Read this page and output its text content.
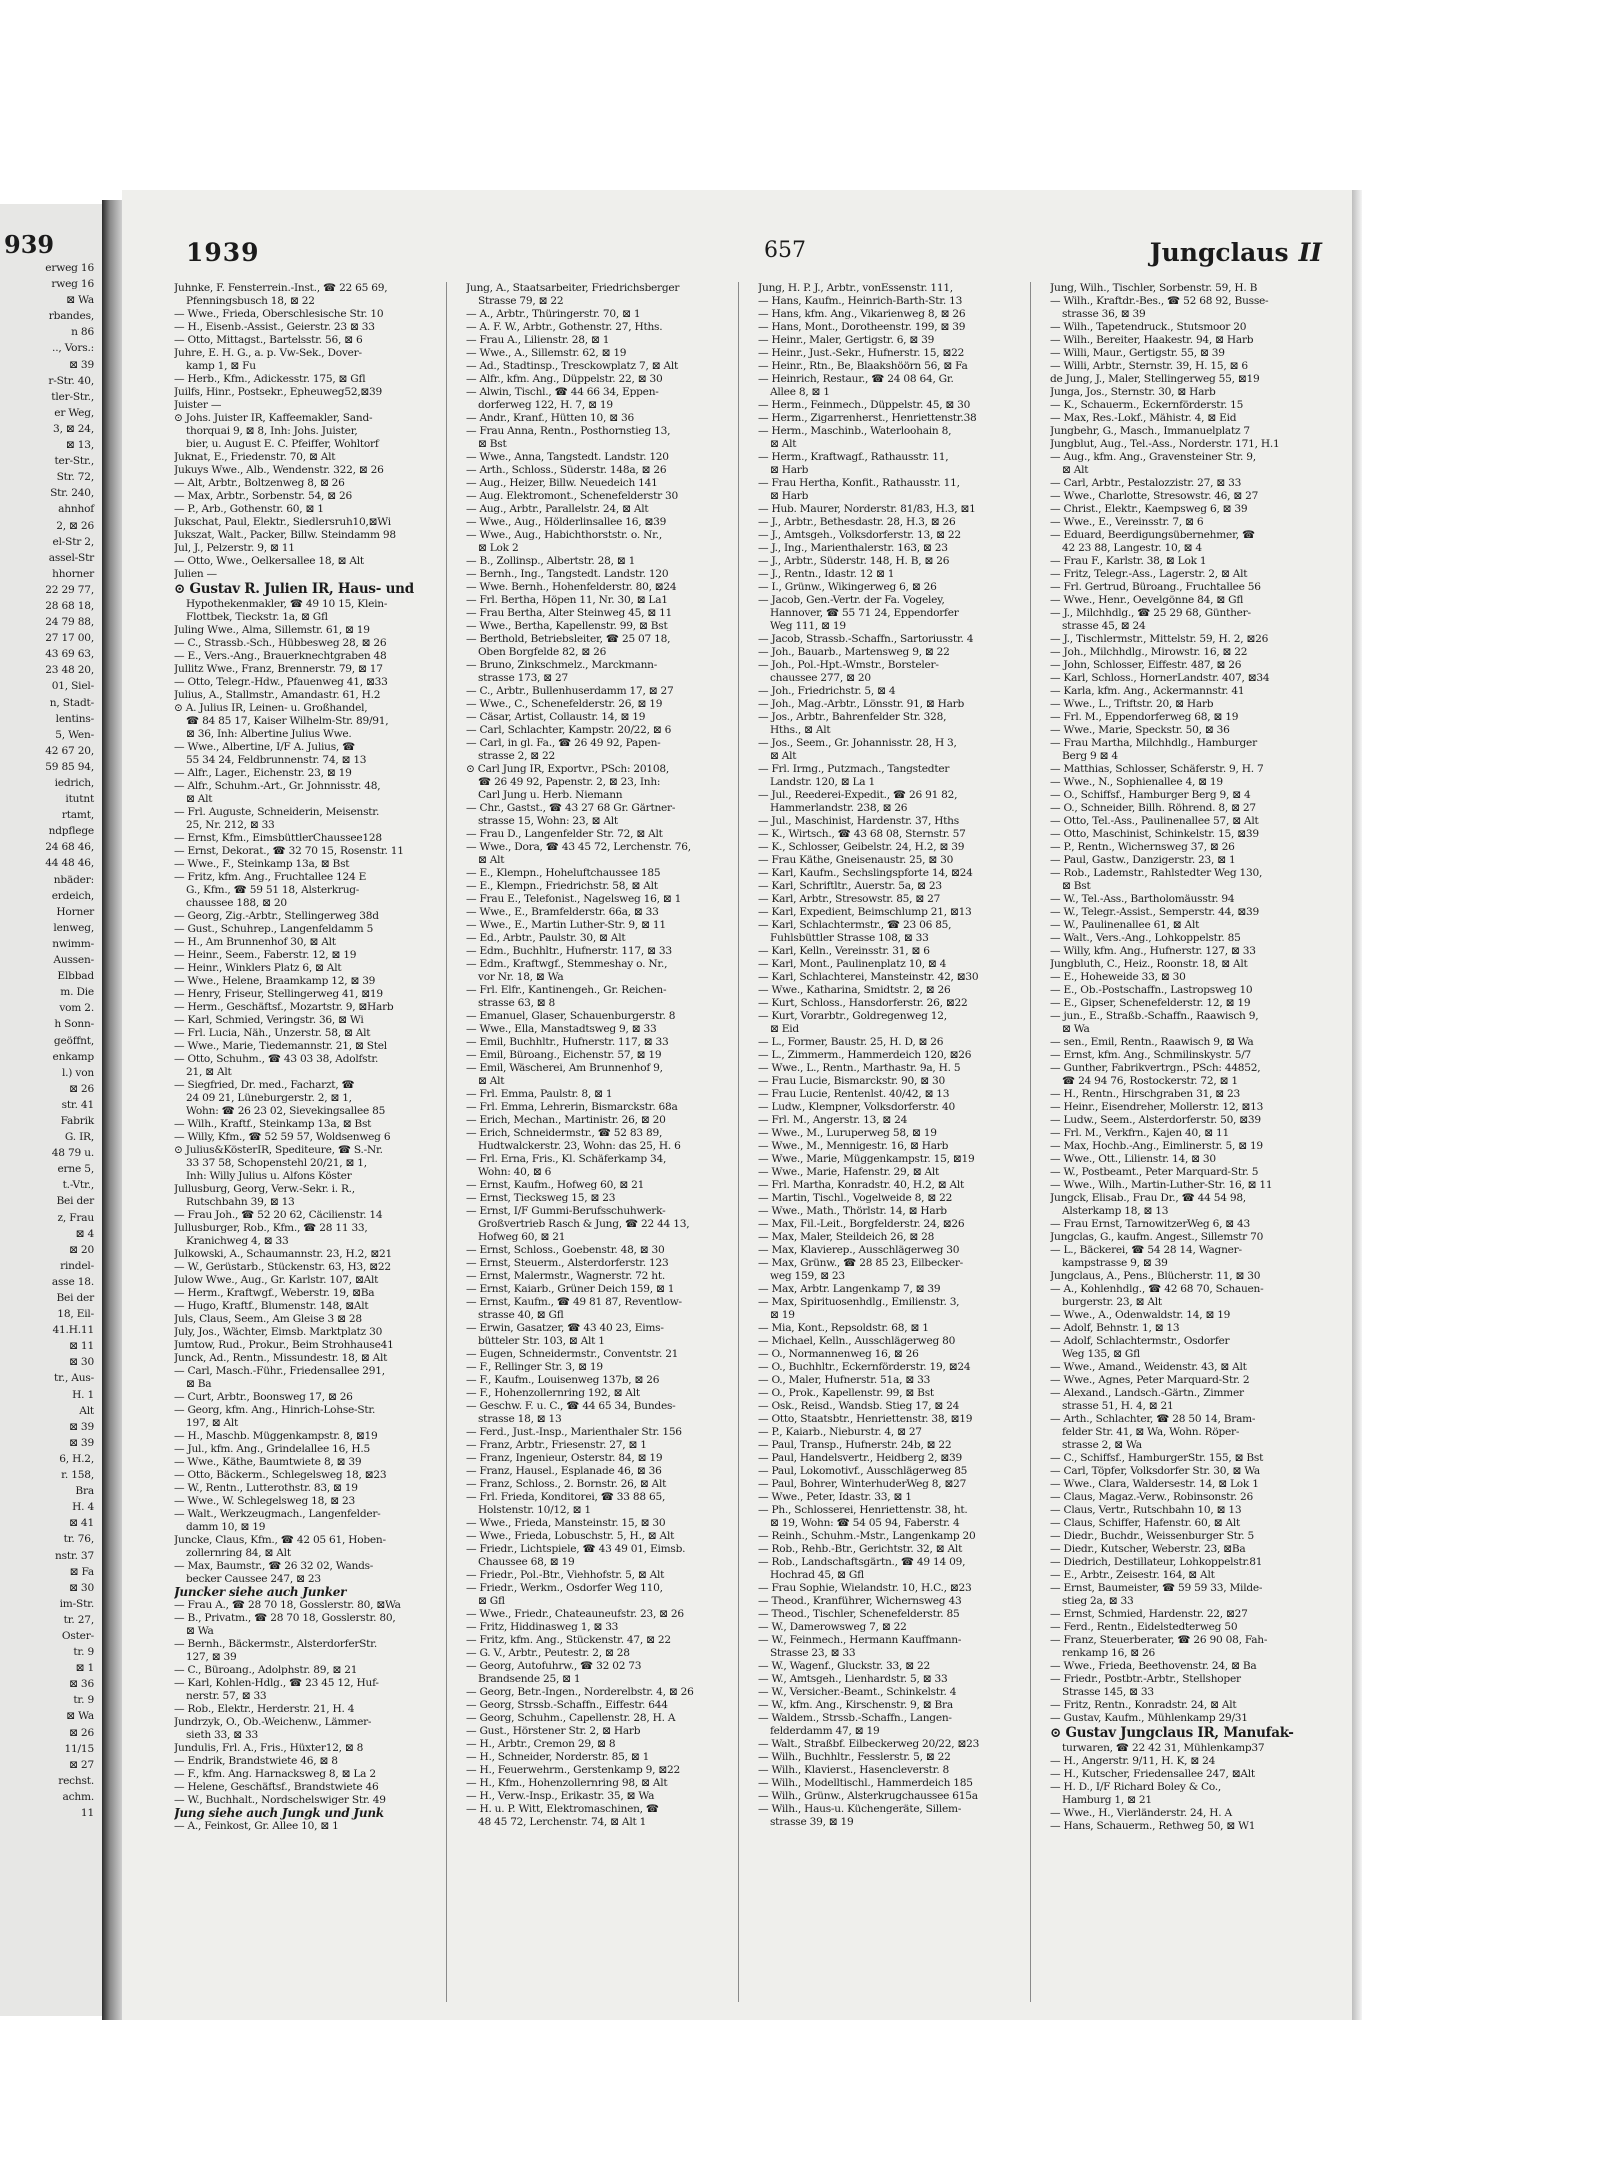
939
erweg 16
rweg 16
⊠ Wa
rbandes,
n 86
.., Vors.:
⊠ 39
r-Str. 40,
tler-Str.,
er Weg,
3, ⊠ 24,
⊠ 13,
ter-Str.,
Str. 72,
Str. 240,
ahnhof
2, ⊠ 26
el-Str 2,
assel-Str
hhorner
22 29 77,
28 68 18,
24 79 88,
27 17 00,
43 69 63,
23 48 20,
01, Siel-
n, Stadt-
lentins-
5, Wen-
42 67 20,
59 85 94,
iedrich,
itutnt
rtamt,
ndpflege
24 68 46,
44 48 46,
nbäder:
erdeich,
Horner
lenweg,
nwimm-
Aussen-
Elbbad
m. Die
vom 2.
h Sonn-
geöffnt,
enkamp
l.) von
⊠ 26
str. 41
Fabrik
G. IR,
48 79 u.
erne 5,
t.-Vtr.,
Bei der
z, Frau
⊠ 4
⊠ 20
rindel-
asse 18.
Bei der
18, Eil-
41.H.11
⊠ 11
⊠ 30
tr., Aus-
H. 1
Alt
⊠ 39
⊠ 39
6, H.2,
r. 158,
Bra
H. 4
⊠ 41
tr. 76,
nstr. 37
⊠ Fa
⊠ 30
im-Str.
tr. 27,
Oster-
tr. 9
⊠ 1
⊠ 36
tr. 9
⊠ Wa
⊠ 26
11/15
⊠ 27
rechst.
achm.
11
1939	657	Jungclaus II
Juhnke, F. Fensterrein.-Inst., ☎ 22 65 69,
Pfenningsbusch 18, ⊠ 22
— Wwe., Frieda, Oberschlesische Str. 10
— H., Eisenb.-Assist., Geierstr. 23 ⊠ 33
— Otto, Mittagst., Bartelsstr. 56, ⊠ 6
Juhre, E. H. G., a. p. Vw-Sek., Dover-
kamp 1, ⊠ Fu
— Herb., Kfm., Adickesstr. 175, ⊠ Gfl
Juilfs, Hinr., Postsekr., Epheuweg52,⊠39
Juister —
⊙ Johs. Juister IR, Kaffeemakler, Sand-
thorquai 9, ⊠ 8, Inh: Johs. Juister,
bier, u. August E. C. Pfeiffer, Wohltorf
Juknat, E., Friedenstr. 70, ⊠ Alt
Jukuys Wwe., Alb., Wendenstr. 322, ⊠ 26
— Alt, Arbtr., Boltzenweg 8, ⊠ 26
— Max, Arbtr., Sorbenstr. 54, ⊠ 26
— P., Arb., Gothenstr. 60, ⊠ 1
Jukschat, Paul, Elektr., Siedlersruh10,⊠Wi
Jukszat, Walt., Packer, Billw. Steindamm 98
Jul, J., Pelzerstr. 9, ⊠ 11
— Otto, Wwe., Oelkersallee 18, ⊠ Alt
Julien —
⊙ Gustav R. Julien IR, Haus- und
Hypothekenmakler, ☎ 49 10 15, Klein-
Flottbek, Tieckstr. 1a, ⊠ Gfl
Juling Wwe., Alma, Sillemstr. 61, ⊠ 19
— C., Strassb.-Sch., Hübbesweg 28, ⊠ 26
— E., Vers.-Ang., Brauerknechtgraben 48
Jullitz Wwe., Franz, Brennerstr. 79, ⊠ 17
— Otto, Telegr.-Hdw., Pfauenweg 41, ⊠33
Julius, A., Stallmstr., Amandastr. 61, H.2
⊙ A. Julius IR, Leinen- u. Großhandel,
☎ 84 85 17, Kaiser Wilhelm-Str. 89/91,
⊠ 36, Inh: Albertine Julius Wwe.
— Wwe., Albertine, I/F A. Julius, ☎
55 34 24, Feldbrunnenstr. 74, ⊠ 13
— Alfr., Lager., Eichenstr. 23, ⊠ 19
— Alfr., Schuhm.-Art., Gr. Johnnisstr. 48,
⊠ Alt
— Frl. Auguste, Schneiderin, Meisenstr.
25, Nr. 212, ⊠ 33
— Ernst, Kfm., EimsbüttlerChaussee128
— Ernst, Dekorat., ☎ 32 70 15, Rosenstr. 11
— Wwe., F., Steinkamp 13a, ⊠ Bst
— Fritz, kfm. Ang., Fruchtallee 124 E
G., Kfm., ☎ 59 51 18, Alsterkrug-
chaussee 188, ⊠ 20
— Georg, Zig.-Arbtr., Stellingerweg 38d
— Gust., Schuhrep., Langenfeldamm 5
— H., Am Brunnenhof 30, ⊠ Alt
— Heinr., Seem., Faberstr. 12, ⊠ 19
— Heinr., Winklers Platz 6, ⊠ Alt
— Wwe., Helene, Braamkamp 12, ⊠ 39
— Henry, Friseur, Stellingerweg 41, ⊠19
— Herm., Geschäftsf., Mozartstr. 9, ⊠Harb
— Karl, Schmied, Veringstr. 36, ⊠ Wi
— Frl. Lucia, Näh., Unzerstr. 58, ⊠ Alt
— Wwe., Marie, Tiedemannstr. 21, ⊠ Stel
— Otto, Schuhm., ☎ 43 03 38, Adolfstr.
21, ⊠ Alt
— Siegfried, Dr. med., Facharzt, ☎
24 09 21, Lüneburgerstr. 2, ⊠ 1,
Wohn: ☎ 26 23 02, Sievekingsallee 85
— Wilh., Kraftf., Steinkamp 13a, ⊠ Bst
— Willy, Kfm., ☎ 52 59 57, Woldsenweg 6
⊙ Julius&KösterIR, Spediteure, ☎ S.-Nr.
33 37 58, Schopenstehl 20/21, ⊠ 1,
Inh: Willy Julius u. Alfons Köster
Jullusburg, Georg, Verw.-Sekr. i. R.,
Rutschbahn 39, ⊠ 13
— Frau Joh., ☎ 52 20 62, Cäcilienstr. 14
Jullusburger, Rob., Kfm., ☎ 28 11 33,
Kranichweg 4, ⊠ 33
Julkowski, A., Schaumannstr. 23, H.2, ⊠21
— W., Gerüstarb., Stückenstr. 63, H3, ⊠22
Julow Wwe., Aug., Gr. Karlstr. 107, ⊠Alt
— Herm., Kraftwgf., Weberstr. 19, ⊠Ba
— Hugo, Kraftf., Blumenstr. 148, ⊠Alt
Juls, Claus, Seem., Am Gleise 3 ⊠ 28
July, Jos., Wächter, Eimsb. Marktplatz 30
Jumtow, Rud., Prokur., Beim Strohhause41
Junck, Ad., Rentn., Missundestr. 18, ⊠ Alt
— Carl, Masch.-Führ., Friedensallee 291,
⊠ Ba
— Curt, Arbtr., Boonsweg 17, ⊠ 26
— Georg, kfm. Ang., Hinrich-Lohse-Str.
197, ⊠ Alt
— H., Maschb. Müggenkampstr. 8, ⊠19
— Jul., kfm. Ang., Grindelallee 16, H.5
— Wwe., Käthe, Baumtwiete 8, ⊠ 39
— Otto, Bäckerm., Schlegelsweg 18, ⊠23
— W., Rentn., Lutterothstr. 83, ⊠ 19
— Wwe., W. Schlegelsweg 18, ⊠ 23
— Walt., Werkzeugmach., Langenfelder-
damm 10, ⊠ 19
Juncke, Claus, Kfm., ☎ 42 05 61, Hoben-
zollernring 84, ⊠ Alt
— Max, Baumstr., ☎ 26 32 02, Wands-
becker Caussee 247, ⊠ 23
Juncker siehe auch Junker
— Frau A., ☎ 28 70 18, Gosslerstr. 80, ⊠Wa
— B., Privatm., ☎ 28 70 18, Gosslerstr. 80,
⊠ Wa
— Bernh., Bäckermstr., AlsterdorferStr.
127, ⊠ 39
— C., Büroang., Adolphstr. 89, ⊠ 21
— Karl, Kohlen-Hdlg., ☎ 23 45 12, Huf-
nerstr. 57, ⊠ 33
— Rob., Elektr., Herderstr. 21, H. 4
Jundrzyk, O., Ob.-Weichenw., Lämmer-
sieth 33, ⊠ 33
Jundulis, Frl. A., Fris., Hüxter12, ⊠ 8
— Endrik, Brandstwiete 46, ⊠ 8
— F., kfm. Ang. Harnacksweg 8, ⊠ La 2
— Helene, Geschäftsf., Brandstwiete 46
— W., Buchhalt., Nordschelswiger Str. 49
Jung siehe auch Jungk und Junk
— A., Feinkost, Gr. Allee 10, ⊠ 1
Jung, A., Staatsarbeiter, Friedrichsberger
Strasse 79, ⊠ 22
— A., Arbtr., Thüringerstr. 70, ⊠ 1
— A. F. W., Arbtr., Gothenstr. 27, Hths.
— Frau A., Lilienstr. 28, ⊠ 1
— Wwe., A., Sillemstr. 62, ⊠ 19
— Ad., Stadtinsp., Tresckowplatz 7, ⊠ Alt
— Alfr., kfm. Ang., Düppelstr. 22, ⊠ 30
— Alwin, Tischl., ☎ 44 66 34, Eppen-
dorferweg 122, H. 7, ⊠ 19
— Andr., Kranf., Hütten 10, ⊠ 36
— Frau Anna, Rentn., Posthornstieg 13,
⊠ Bst
— Wwe., Anna, Tangstedt. Landstr. 120
— Arth., Schloss., Süderstr. 148a, ⊠ 26
— Aug., Heizer, Billw. Neuedeich 141
— Aug. Elektromont., Schenefelderstr 30
— Aug., Arbtr., Parallelstr. 24, ⊠ Alt
— Wwe., Aug., Hölderlinsallee 16, ⊠39
— Wwe., Aug., Habichthorststr. o. Nr.,
⊠ Lok 2
— B., Zollinsp., Albertstr. 28, ⊠ 1
— Bernh., Ing., Tangstedt. Landstr. 120
— Wwe. Bernh., Hohenfelderstr. 80, ⊠24
— Frl. Bertha, Höpen 11, Nr. 30, ⊠ La1
— Frau Bertha, Alter Steinweg 45, ⊠ 11
— Wwe., Bertha, Kapellenstr. 99, ⊠ Bst
— Berthold, Betriebsleiter, ☎ 25 07 18,
Oben Borgfelde 82, ⊠ 26
— Bruno, Zinkschmelz., Marckmann-
strasse 173, ⊠ 27
— C., Arbtr., Bullenhuserdamm 17, ⊠ 27
— Wwe., C., Schenefelderstr. 26, ⊠ 19
— Cäsar, Artist, Collaustr. 14, ⊠ 19
— Carl, Schlachter, Kampstr. 20/22, ⊠ 6
— Carl, in gl. Fa., ☎ 26 49 92, Papen-
strasse 2, ⊠ 22
⊙ Carl Jung IR, Exportvr., PSch: 20108,
☎ 26 49 92, Papenstr. 2, ⊠ 23, Inh:
Carl Jung u. Herb. Niemann
— Chr., Gastst., ☎ 43 27 68 Gr. Gärtner-
strasse 15, Wohn: 23, ⊠ Alt
— Frau D., Langenfelder Str. 72, ⊠ Alt
— Wwe., Dora, ☎ 43 45 72, Lerchenstr. 76,
⊠ Alt
— E., Klempn., Hoheluftchaussee 185
— E., Klempn., Friedrichstr. 58, ⊠ Alt
— Frau E., Telefonist., Nagelsweg 16, ⊠ 1
— Wwe., E., Bramfelderstr. 66a, ⊠ 33
— Wwe., E., Martin Luther-Str. 9, ⊠ 11
— Ed., Arbtr., Paulstr. 30, ⊠ Alt
— Edm., Buchhltr., Hufnerstr. 117, ⊠ 33
— Edm., Kraftwgf., Stemmeshay o. Nr.,
vor Nr. 18, ⊠ Wa
— Frl. Elfr., Kantinengeh., Gr. Reichen-
strasse 63, ⊠ 8
— Emanuel, Glaser, Schauenburgerstr. 8
— Wwe., Ella, Manstadtsweg 9, ⊠ 33
— Emil, Buchhltr., Hufnerstr. 117, ⊠ 33
— Emil, Büroang., Eichenstr. 57, ⊠ 19
— Emil, Wäscherei, Am Brunnenhof 9,
⊠ Alt
— Frl. Emma, Paulstr. 8, ⊠ 1
— Frl. Emma, Lehrerin, Bismarckstr. 68a
— Erich, Mechan., Martinistr. 26, ⊠ 20
— Erich, Schneidermstr., ☎ 52 83 89,
Hudtwalckerstr. 23, Wohn: das 25, H. 6
— Frl. Erna, Fris., Kl. Schäferkamp 34,
Wohn: 40, ⊠ 6
— Ernst, Kaufm., Hofweg 60, ⊠ 21
— Ernst, Tiecksweg 15, ⊠ 23
— Ernst, I/F Gummi-Berufsschuhwerk-
Großvertrieb Rasch & Jung, ☎ 22 44 13,
Hofweg 60, ⊠ 21
— Ernst, Schloss., Goebenstr. 48, ⊠ 30
— Ernst, Steuerm., Alsterdorferstr. 123
— Ernst, Malermstr., Wagnerstr. 72 ht.
— Ernst, Kaiarb., Grüner Deich 159, ⊠ 1
— Ernst, Kaufm., ☎ 49 81 87, Reventlow-
strasse 40, ⊠ Gfl
— Erwin, Gasatzer, ☎ 43 40 23, Eims-
bütteler Str. 103, ⊠ Alt 1
— Eugen, Schneidermstr., Conventstr. 21
— F., Rellinger Str. 3, ⊠ 19
— F., Kaufm., Louisenweg 137b, ⊠ 26
— F., Hohenzollernring 192, ⊠ Alt
— Geschw. F. u. C., ☎ 44 65 34, Bundes-
strasse 18, ⊠ 13
— Ferd., Just.-Insp., Marienthaler Str. 156
— Franz, Arbtr., Friesenstr. 27, ⊠ 1
— Franz, Ingenieur, Osterstr. 84, ⊠ 19
— Franz, Hausel., Esplanade 46, ⊠ 36
— Franz, Schloss., 2. Bornstr. 26, ⊠ Alt
— Frl. Frieda, Konditorei, ☎ 33 88 65,
Holstenstr. 10/12, ⊠ 1
— Wwe., Frieda, Mansteinstr. 15, ⊠ 30
— Wwe., Frieda, Lobuschstr. 5, H., ⊠ Alt
— Friedr., Lichtspiele, ☎ 43 49 01, Eimsb.
Chaussee 68, ⊠ 19
— Friedr., Pol.-Btr., Viehhofstr. 5, ⊠ Alt
— Friedr., Werkm., Osdorfer Weg 110,
⊠ Gfl
— Wwe., Friedr., Chateauneufstr. 23, ⊠ 26
— Fritz, Hiddinasweg 1, ⊠ 33
— Fritz, kfm. Ang., Stückenstr. 47, ⊠ 22
— G. V., Arbtr., Peutestr. 2, ⊠ 28
— Georg, Autofuhrw., ☎ 32 02 73
Brandsende 25, ⊠ 1
— Georg, Betr.-Ingen., Norderelbstr. 4, ⊠ 26
— Georg, Strssb.-Schaffn., Eiffestr. 644
— Georg, Schuhm., Capellenstr. 28, H. A
— Gust., Hörstener Str. 2, ⊠ Harb
— H., Arbtr., Cremon 29, ⊠ 8
— H., Schneider, Norderstr. 85, ⊠ 1
— H., Feuerwehrm., Gerstenkamp 9, ⊠22
— H., Kfm., Hohenzollernring 98, ⊠ Alt
— H., Verw.-Insp., Erikastr. 35, ⊠ Wa
— H. u. P. Witt, Elektromaschinen, ☎
48 45 72, Lerchenstr. 74, ⊠ Alt 1
Jung, H. P. J., Arbtr., vonEssenstr. 111,
— Hans, Kaufm., Heinrich-Barth-Str. 13
— Hans, kfm. Ang., Vikarienweg 8, ⊠ 26
— Hans, Mont., Dorotheenstr. 199, ⊠ 39
— Heinr., Maler, Gertigstr. 6, ⊠ 39
— Heinr., Just.-Sekr., Hufnerstr. 15, ⊠22
— Heinr., Rtn., Be, Blaakshöörn 56, ⊠ Fa
— Heinrich, Restaur., ☎ 24 08 64, Gr.
Allee 8, ⊠ 1
— Herm., Feinmech., Düppelstr. 45, ⊠ 30
— Herm., Zigarrenherst., Henriettenstr.38
— Herm., Maschinb., Waterloohain 8,
⊠ Alt
— Herm., Kraftwagf., Rathausstr. 11,
⊠ Harb
— Frau Hertha, Konfit., Rathausstr. 11,
⊠ Harb
— Hub. Maurer, Norderstr. 81/83, H.3, ⊠1
— J., Arbtr., Bethesdastr. 28, H.3, ⊠ 26
— J., Amtsgeh., Volksdorferstr. 13, ⊠ 22
— J., Ing., Marienthalerstr. 163, ⊠ 23
— J., Arbtr., Süderstr. 148, H. B, ⊠ 26
— J., Rentn., Idastr. 12 ⊠ 1
— I., Grünw., Wikingerweg 6, ⊠ 26
— Jacob, Gen.-Vertr. der Fa. Vogeley,
Hannover, ☎ 55 71 24, Eppendorfer
Weg 111, ⊠ 19
— Jacob, Strassb.-Schaffn., Sartoriusstr. 4
— Joh., Bauarb., Martensweg 9, ⊠ 22
— Joh., Pol.-Hpt.-Wmstr., Borsteler-
chaussee 277, ⊠ 20
— Joh., Friedrichstr. 5, ⊠ 4
— Joh., Mag.-Arbtr., Lönsstr. 91, ⊠ Harb
— Jos., Arbtr., Bahrenfelder Str. 328,
Hths., ⊠ Alt
— Jos., Seem., Gr. Johannisstr. 28, H 3,
⊠ Alt
— Frl. Irmg., Putzmach., Tangstedter
Landstr. 120, ⊠ La 1
— Jul., Reederei-Expedit., ☎ 26 91 82,
Hammerlandstr. 238, ⊠ 26
— Jul., Maschinist, Hardenstr. 37, Hths
— K., Wirtsch., ☎ 43 68 08, Sternstr. 57
— K., Schlosser, Geibelstr. 24, H.2, ⊠ 39
— Frau Käthe, Gneisenaustr. 25, ⊠ 30
— Karl, Kaufm., Sechslingspforte 14, ⊠24
— Karl, Schriftltr., Auerstr. 5a, ⊠ 23
— Karl, Arbtr., Stresowstr. 85, ⊠ 27
— Karl, Expedient, Beimschlump 21, ⊠13
— Karl, Schlachtermstr., ☎ 23 06 85,
Fuhlsbüttler Strasse 108, ⊠ 33
— Karl, Kelln., Vereinsstr. 31, ⊠ 6
— Karl, Mont., Paulinenplatz 10, ⊠ 4
— Karl, Schlachterei, Mansteinstr. 42, ⊠30
— Wwe., Katharina, Smidtstr. 2, ⊠ 26
— Kurt, Schloss., Hansdorferstr. 26, ⊠22
— Kurt, Vorarbtr., Goldregenweg 12,
⊠ Eid
— L., Former, Baustr. 25, H. D, ⊠ 26
— L., Zimmerm., Hammerdeich 120, ⊠26
— Wwe., L., Rentn., Marthastr. 9a, H. 5
— Frau Lucie, Bismarckstr. 90, ⊠ 30
— Frau Lucie, Rentenlst. 40/42, ⊠ 13
— Ludw., Klempner, Volksdorferstr. 40
— Frl. M., Angerstr. 13, ⊠ 24
— Wwe., M., Luruperweg 58, ⊠ 19
— Wwe., M., Mennigestr. 16, ⊠ Harb
— Wwe., Marie, Müggenkampstr. 15, ⊠19
— Wwe., Marie, Hafenstr. 29, ⊠ Alt
— Frl. Martha, Konradstr. 40, H.2, ⊠ Alt
— Martin, Tischl., Vogelweide 8, ⊠ 22
— Wwe., Math., Thörlstr. 14, ⊠ Harb
— Max, Fil.-Leit., Borgfelderstr. 24, ⊠26
— Max, Maler, Steildeich 26, ⊠ 28
— Max, Klavierep., Ausschlägerweg 30
— Max, Grünw., ☎ 28 85 23, Eilbecker-
weg 159, ⊠ 23
— Max, Arbtr. Langenkamp 7, ⊠ 39
— Max, Spirituosenhdlg., Emilienstr. 3,
⊠ 19
— Mia, Kont., Repsoldstr. 68, ⊠ 1
— Michael, Kelln., Ausschlägerweg 80
— O., Normannenweg 16, ⊠ 26
— O., Buchhltr., Eckernförderstr. 19, ⊠24
— O., Maler, Hufnerstr. 51a, ⊠ 33
— O., Prok., Kapellenstr. 99, ⊠ Bst
— Osk., Reisd., Wandsb. Stieg 17, ⊠ 24
— Otto, Staatsbtr., Henriettenstr. 38, ⊠19
— P., Kaiarb., Nieburstr. 4, ⊠ 27
— Paul, Transp., Hufnerstr. 24b, ⊠ 22
— Paul, Handelsvertr., Heidberg 2, ⊠39
— Paul, Lokomotivf., Ausschlägerweg 85
— Paul, Bohrer, WinterhuderWeg 8, ⊠27
— Wwe., Peter, Idastr. 33, ⊠ 1
— Ph., Schlosserei, Henriettenstr. 38, ht.
⊠ 19, Wohn: ☎ 54 05 94, Faberstr. 4
— Reinh., Schuhm.-Mstr., Langenkamp 20
— Rob., Rehb.-Btr., Gerichtstr. 32, ⊠ Alt
— Rob., Landschaftsgärtn., ☎ 49 14 09,
Hochrad 45, ⊠ Gfl
— Frau Sophie, Wielandstr. 10, H.C., ⊠23
— Theod., Kranführer, Wichernsweg 43
— Theod., Tischler, Schenefelderstr. 85
— W., Damerowsweg 7, ⊠ 22
— W., Feinmech., Hermann Kauffmann-
Strasse 23, ⊠ 33
— W., Wagenf., Gluckstr. 33, ⊠ 22
— W., Amtsgeh., Lienhardstr. 5, ⊠ 33
— W., Versicher.-Beamt., Schinkelstr. 4
— W., kfm. Ang., Kirschenstr. 9, ⊠ Bra
— Waldem., Strssb.-Schaffn., Langen-
felderdamm 47, ⊠ 19
— Walt., Straßbf. Eilbeckerweg 20/22, ⊠23
— Wilh., Buchhltr., Fesslerstr. 5, ⊠ 22
— Wilh., Klavierst., Hasencleverstr. 8
— Wilh., Modelltischl., Hammerdeich 185
— Wilh., Grünw., Alsterkrugchaussee 615a
— Wilh., Haus-u. Küchengeräte, Sillem-
strasse 39, ⊠ 19
Jung, Wilh., Tischler, Sorbenstr. 59, H. B
— Wilh., Kraftdr.-Bes., ☎ 52 68 92, Busse-
strasse 36, ⊠ 39
— Wilh., Tapetendruck., Stutsmoor 20
— Wilh., Bereiter, Haakestr. 94, ⊠ Harb
— Willi, Maur., Gertigstr. 55, ⊠ 39
— Willi, Arbtr., Sternstr. 39, H. 15, ⊠ 6
de Jung, J., Maler, Stellingerweg 55, ⊠19
Junga, Jos., Sternstr. 30, ⊠ Harb
— K., Schauerm., Eckernförderstr. 15
— Max, Res.-Lokf., Mähistr. 4, ⊠ Eid
Jungbehr, G., Masch., Immanuelplatz 7
Jungblut, Aug., Tel.-Ass., Norderstr. 171, H.1
— Aug., kfm. Ang., Gravensteiner Str. 9,
⊠ Alt
— Carl, Arbtr., Pestalozzistr. 27, ⊠ 33
— Wwe., Charlotte, Stresowstr. 46, ⊠ 27
— Christ., Elektr., Kaempsweg 6, ⊠ 39
— Wwe., E., Vereinsstr. 7, ⊠ 6
— Eduard, Beerdigungsübernehmer, ☎
42 23 88, Langestr. 10, ⊠ 4
— Frau F., Karlstr. 38, ⊠ Lok 1
— Fritz, Telegr.-Ass., Lagerstr. 2, ⊠ Alt
— Frl. Gertrud, Büroang., Fruchtallee 56
— Wwe., Henr., Oevelgönne 84, ⊠ Gfl
— J., Milchhdlg., ☎ 25 29 68, Günther-
strasse 45, ⊠ 24
— J., Tischlermstr., Mittelstr. 59, H. 2, ⊠26
— Joh., Milchhdlg., Mirowstr. 16, ⊠ 22
— John, Schlosser, Eiffestr. 487, ⊠ 26
— Karl, Schloss., HornerLandstr. 407, ⊠34
— Karla, kfm. Ang., Ackermannstr. 41
— Wwe., L., Triftstr. 20, ⊠ Harb
— Frl. M., Eppendorferweg 68, ⊠ 19
— Wwe., Marie, Speckstr. 50, ⊠ 36
— Frau Martha, Milchhdlg., Hamburger
Berg 9 ⊠ 4
— Matthias, Schlosser, Schäferstr. 9, H. 7
— Wwe., N., Sophienallee 4, ⊠ 19
— O., Schiffsf., Hamburger Berg 9, ⊠ 4
— O., Schneider, Billh. Röhrend. 8, ⊠ 27
— Otto, Tel.-Ass., Paulinenallee 57, ⊠ Alt
— Otto, Maschinist, Schinkelstr. 15, ⊠39
— P., Rentn., Wichernsweg 37, ⊠ 26
— Paul, Gastw., Danzigerstr. 23, ⊠ 1
— Rob., Lademstr., Rahlstedter Weg 130,
⊠ Bst
— W., Tel.-Ass., Bartholomäusstr. 94
— W., Telegr.-Assist., Semperstr. 44, ⊠39
— W., Paulinenallee 61, ⊠ Alt
— Walt., Vers.-Ang., Lohkoppelstr. 85
— Willy, kfm. Ang., Hufnerstr. 127, ⊠ 33
Jungbluth, C., Heiz., Roonstr. 18, ⊠ Alt
— E., Hoheweide 33, ⊠ 30
— E., Ob.-Postschaffn., Lastropsweg 10
— E., Gipser, Schenefelderstr. 12, ⊠ 19
— jun., E., Straßb.-Schaffn., Raawisch 9,
⊠ Wa
— sen., Emil, Rentn., Raawisch 9, ⊠ Wa
— Ernst, kfm. Ang., Schmilinskystr. 5/7
— Gunther, Fabrikvertrgn., PSch: 44852,
☎ 24 94 76, Rostockerstr. 72, ⊠ 1
— H., Rentn., Hirschgraben 31, ⊠ 23
— Heinr., Eisendreher, Mollerstr. 12, ⊠13
— Ludw., Seem., Alsterdorferstr. 50, ⊠39
— Frl. M., Verkfrn., Kajen 40, ⊠ 11
— Max, Hochb.-Ang., Eimlinerstr. 5, ⊠ 19
— Wwe., Ott., Lilienstr. 14, ⊠ 30
— W., Postbeamt., Peter Marquard-Str. 5
— Wwe., Wilh., Martin-Luther-Str. 16, ⊠ 11
Jungck, Elisab., Frau Dr., ☎ 44 54 98,
Alsterkamp 18, ⊠ 13
— Frau Ernst, TarnowitzerWeg 6, ⊠ 43
Jungclas, G., kaufm. Angest., Sillemstr 70
— L., Bäckerei, ☎ 54 28 14, Wagner-
kampstrasse 9, ⊠ 39
Jungclaus, A., Pens., Blücherstr. 11, ⊠ 30
— A., Kohlenhdlg., ☎ 42 68 70, Schauen-
burgerstr. 23, ⊠ Alt
— Wwe., A., Odenwaldstr. 14, ⊠ 19
— Adolf, Behnstr. 1, ⊠ 13
— Adolf, Schlachtermstr., Osdorfer
Weg 135, ⊠ Gfl
— Wwe., Amand., Weidenstr. 43, ⊠ Alt
— Wwe., Agnes, Peter Marquard-Str. 2
— Alexand., Landsch.-Gärtn., Zimmer
strasse 51, H. 4, ⊠ 21
— Arth., Schlachter, ☎ 28 50 14, Bram-
felder Str. 41, ⊠ Wa, Wohn. Röper-
strasse 2, ⊠ Wa
— C., Schiffsf., HamburgerStr. 155, ⊠ Bst
— Carl, Töpfer, Volksdorfer Str. 30, ⊠ Wa
— Wwe., Clara, Waldersestr. 14, ⊠ Lok 1
— Claus, Magaz.-Verw., Robinsonstr. 26
— Claus, Vertr., Rutschbahn 10, ⊠ 13
— Claus, Schiffer, Hafenstr. 60, ⊠ Alt
— Diedr., Buchdr., Weissenburger Str. 5
— Diedr., Kutscher, Weberstr. 23, ⊠Ba
— Diedrich, Destillateur, Lohkoppelstr.81
— E., Arbtr., Zeisestr. 164, ⊠ Alt
— Ernst, Baumeister, ☎ 59 59 33, Milde-
stieg 2a, ⊠ 33
— Ernst, Schmied, Hardenstr. 22, ⊠27
— Ferd., Rentn., Eidelstedterweg 50
— Franz, Steuerberater, ☎ 26 90 08, Fah-
renkamp 16, ⊠ 26
— Wwe., Frieda, Beethovenstr. 24, ⊠ Ba
— Friedr., Postbtr.-Arbtr., Stellshoper
Strasse 145, ⊠ 33
— Fritz, Rentn., Konradstr. 24, ⊠ Alt
— Gustav, Kaufm., Mühlenkamp 29/31
⊙ Gustav Jungclaus IR, Manufak-
turwaren, ☎ 22 42 31, Mühlenkamp37
— H., Angerstr. 9/11, H. K, ⊠ 24
— H., Kutscher, Friedensallee 247, ⊠Alt
— H. D., I/F Richard Boley & Co.,
Hamburg 1, ⊠ 21
— Wwe., H., Vierländerstr. 24, H. A
— Hans, Schauerm., Rethweg 50, ⊠ W1
